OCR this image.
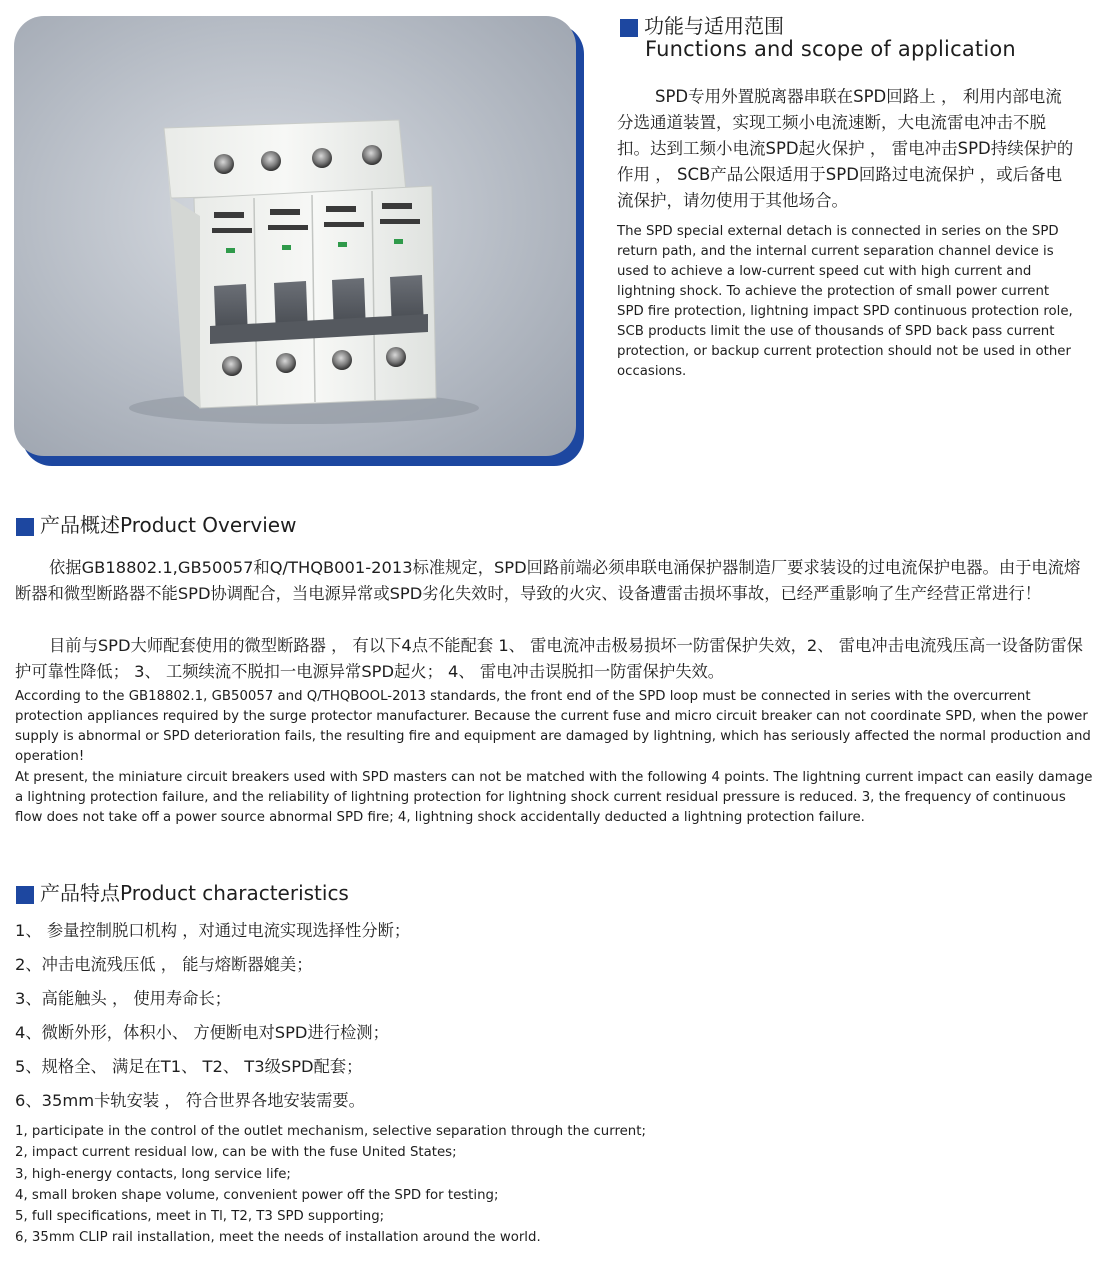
功能与适用范围
Functions and scope of application

SPD专用外置脱离器串联在SPD回路上 ， 利用内部电流分选通道装置，实现工频小电流速断，大电流雷电冲击不脱扣。达到工频小电流SPD起火保护 ， 雷电冲击SPD持续保护的作用 ， SCB产品公限适用于SPD回路过电流保护 ，或后备电流保护，请勿使用于其他场合。

The SPD special external detach is connected in series on the SPD return path, and the internal current separation channel device is used to achieve a low-current speed cut with high current and lightning shock. To achieve the protection of small power current SPD fire protection, lightning impact SPD continuous protection role, SCB products limit the use of thousands of SPD back pass current protection, or backup current protection should not be used in other occasions.

产品概述Product Overview

依据GB18802.1,GB50057和Q/THQB001-2013标准规定，SPD回路前端必须串联电涌保护器制造厂要求装设的过电流保护电器。由于电流熔断器和微型断路器不能SPD协调配合，当电源异常或SPD劣化失效时，导致的火灾、设备遭雷击损坏事故，已经严重影响了生产经营正常进行！

目前与SPD大师配套使用的微型断路器 ， 有以下4点不能配套 1、 雷电流冲击极易损坏一防雷保护失效，2、 雷电冲击电流残压高一设备防雷保护可靠性降低； 3、 工频续流不脱扣一电源异常SPD起火； 4、 雷电冲击误脱扣一防雷保护失效。

According to the GB18802.1, GB50057 and Q/THQBOOL-2013 standards, the front end of the SPD loop must be connected in series with the overcurrent protection appliances required by the surge protector manufacturer. Because the current fuse and micro circuit breaker can not coordinate SPD, when the power supply is abnormal or SPD deterioration fails, the resulting fire and equipment are damaged by lightning, which has seriously affected the normal production and operation!

At present, the miniature circuit breakers used with SPD masters can not be matched with the following 4 points. The lightning current impact can easily damage a lightning protection failure, and the reliability of lightning protection for lightning shock current residual pressure is reduced. 3, the frequency of continuous flow does not take off a power source abnormal SPD fire; 4, lightning shock accidentally deducted a lightning protection failure.

产品特点Product characteristics
1、 参量控制脱口机构 ，对通过电流实现选择性分断；
2、冲击电流残压低 ， 能与熔断器媲美；
3、高能触头 ， 使用寿命长；
4、微断外形，体积小、 方便断电对SPD进行检测；
5、规格全、 满足在T1、 T2、 T3级SPD配套；
6、35mm卡轨安装 ， 符合世界各地安装需要。
1, participate in the control of the outlet mechanism, selective separation through the current;
2, impact current residual low, can be with the fuse United States;
3, high-energy contacts, long service life;
4, small broken shape volume, convenient power off the SPD for testing;
5, full specifications, meet in Tl, T2, T3 SPD supporting;
6, 35mm CLIP rail installation, meet the needs of installation around the world.
